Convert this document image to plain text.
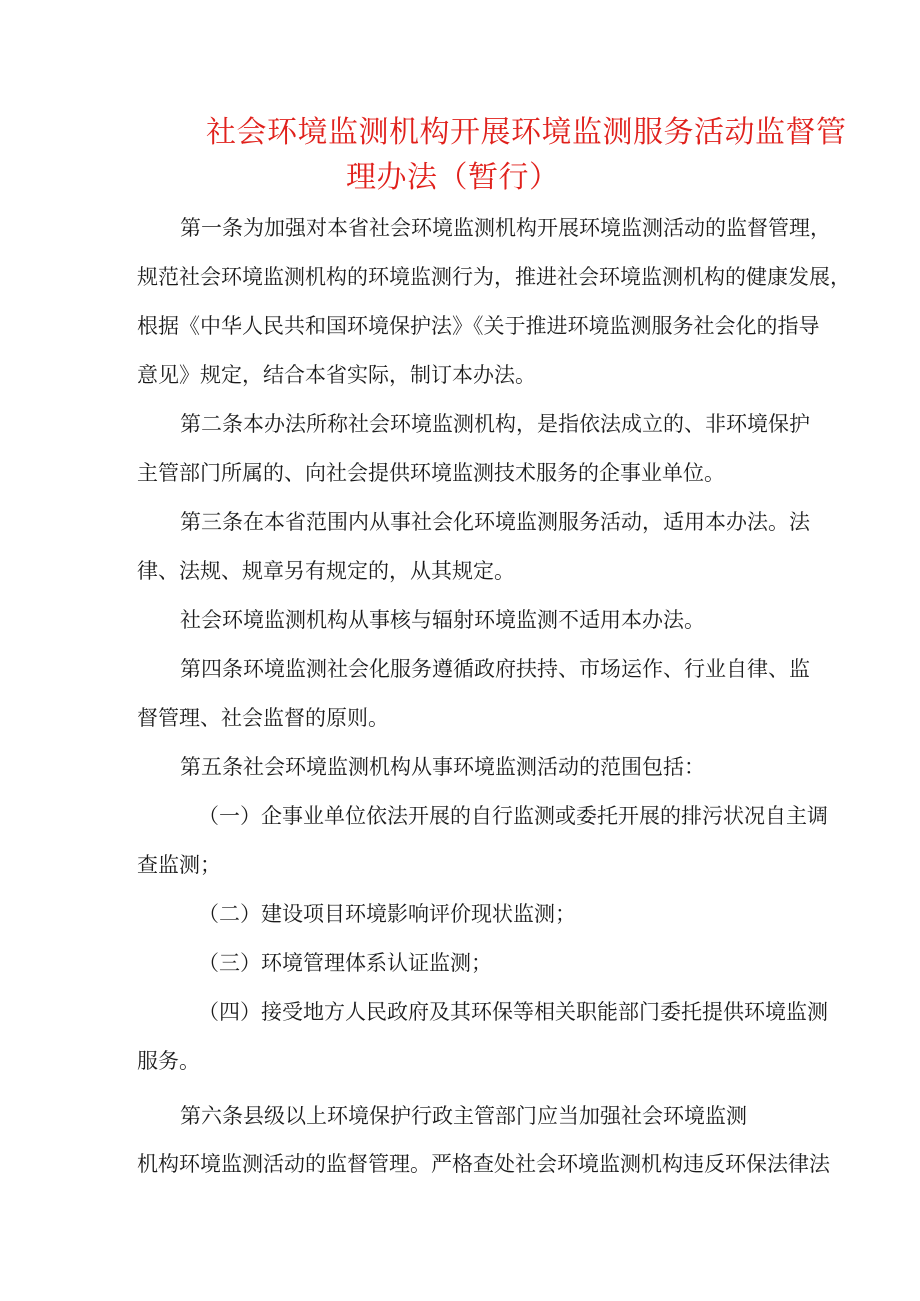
社会环境监测机构开展环境监测服务活动监督管
理办法（暂行）
第一条为加强对本省社会环境监测机构开展环境监测活动的监督管理，
规范社会环境监测机构的环境监测行为，推进社会环境监测机构的健康发展，
根据《中华人民共和国环境保护法》《关于推进环境监测服务社会化的指导
意见》规定，结合本省实际，制订本办法。
第二条本办法所称社会环境监测机构，是指依法成立的、非环境保护
主管部门所属的、向社会提供环境监测技术服务的企事业单位。
第三条在本省范围内从事社会化环境监测服务活动，适用本办法。法
律、法规、规章另有规定的，从其规定。
社会环境监测机构从事核与辐射环境监测不适用本办法。
第四条环境监测社会化服务遵循政府扶持、市场运作、行业自律、监
督管理、社会监督的原则。
第五条社会环境监测机构从事环境监测活动的范围包括：
（一）企事业单位依法开展的自行监测或委托开展的排污状况自主调
查监测；
（二）建设项目环境影响评价现状监测；
（三）环境管理体系认证监测；
（四）接受地方人民政府及其环保等相关职能部门委托提供环境监测
服务。
第六条县级以上环境保护行政主管部门应当加强社会环境监测
机构环境监测活动的监督管理。严格查处社会环境监测机构违反环保法律法
